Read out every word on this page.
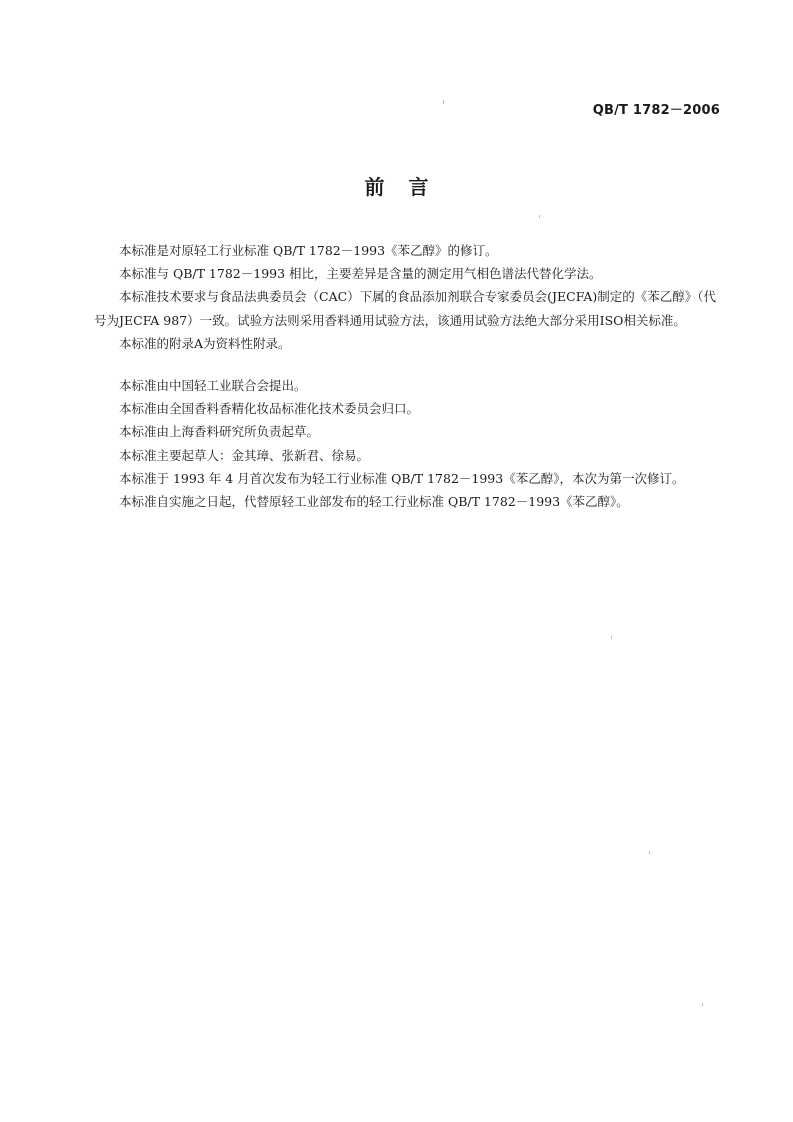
QB/T 1782－2006
前言

本标准是对原轻工行业标准 QB/T 1782－1993《苯乙醇》的修订。

本标准与 QB/T 1782－1993 相比，主要差异是含量的测定用气相色谱法代替化学法。

本标准技术要求与食品法典委员会（CAC）下属的食品添加剂联合专家委员会(JECFA)制定的《苯乙醇》（代号为JECFA 987）一致。试验方法则采用香料通用试验方法，该通用试验方法绝大部分采用ISO相关标准。

本标准的附录A为资料性附录。

本标准由中国轻工业联合会提出。

本标准由全国香料香精化妆品标准化技术委员会归口。

本标准由上海香料研究所负责起草。

本标准主要起草人：金其璋、张新君、徐易。

本标准于 1993 年 4 月首次发布为轻工行业标准 QB/T 1782－1993《苯乙醇》，本次为第一次修订。

本标准自实施之日起，代替原轻工业部发布的轻工行业标准 QB/T 1782－1993《苯乙醇》。
